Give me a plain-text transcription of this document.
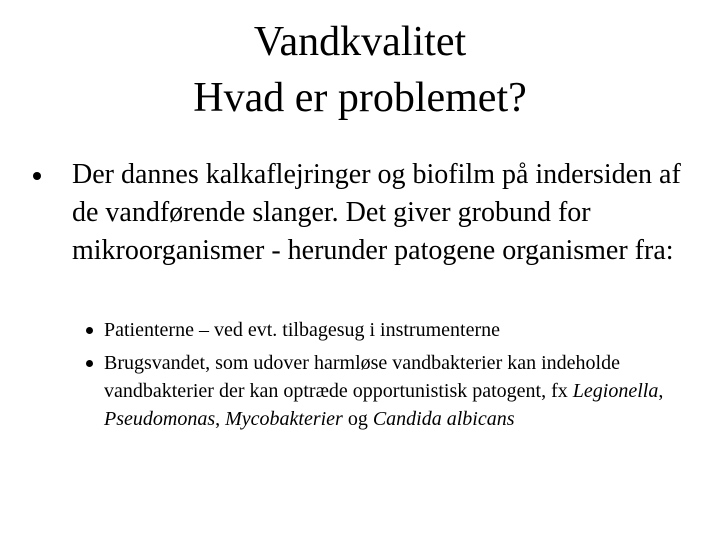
Vandkvalitet
Hvad er problemet?

Der dannes kalkaflejringer og biofilm på indersiden af de vandførende slanger. Det giver grobund for mikroorganismer - herunder patogene organismer fra:

Patienterne – ved evt. tilbagesug i instrumenterne

Brugsvandet, som udover harmløse vandbakterier kan indeholde vandbakterier der kan optræde opportunistisk patogent, fx Legionella, Pseudomonas, Mycobakterier og Candida albicans
